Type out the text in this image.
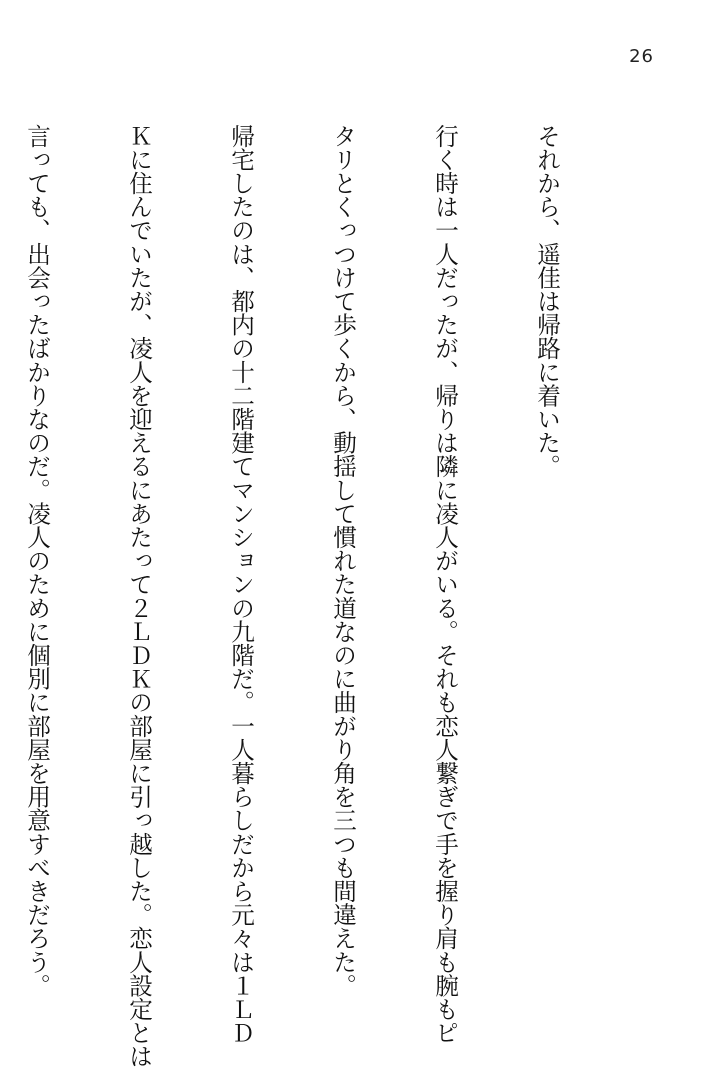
26

それから、遥佳は帰路に着いた。

行く時は一人だったが、帰りは隣に凌人がいる。それも恋人繋ぎで手を握り肩も腕もピ

タリとくっつけて歩くから、動揺して慣れた道なのに曲がり角を三つも間違えた。

帰宅したのは、都内の十二階建てマンションの九階だ。一人暮らしだから元々は１ＬＤ

Ｋに住んでいたが、凌人を迎えるにあたって２ＬＤＫの部屋に引っ越した。恋人設定とは

言っても、出会ったばかりなのだ。凌人のために個別に部屋を用意すべきだろう。
